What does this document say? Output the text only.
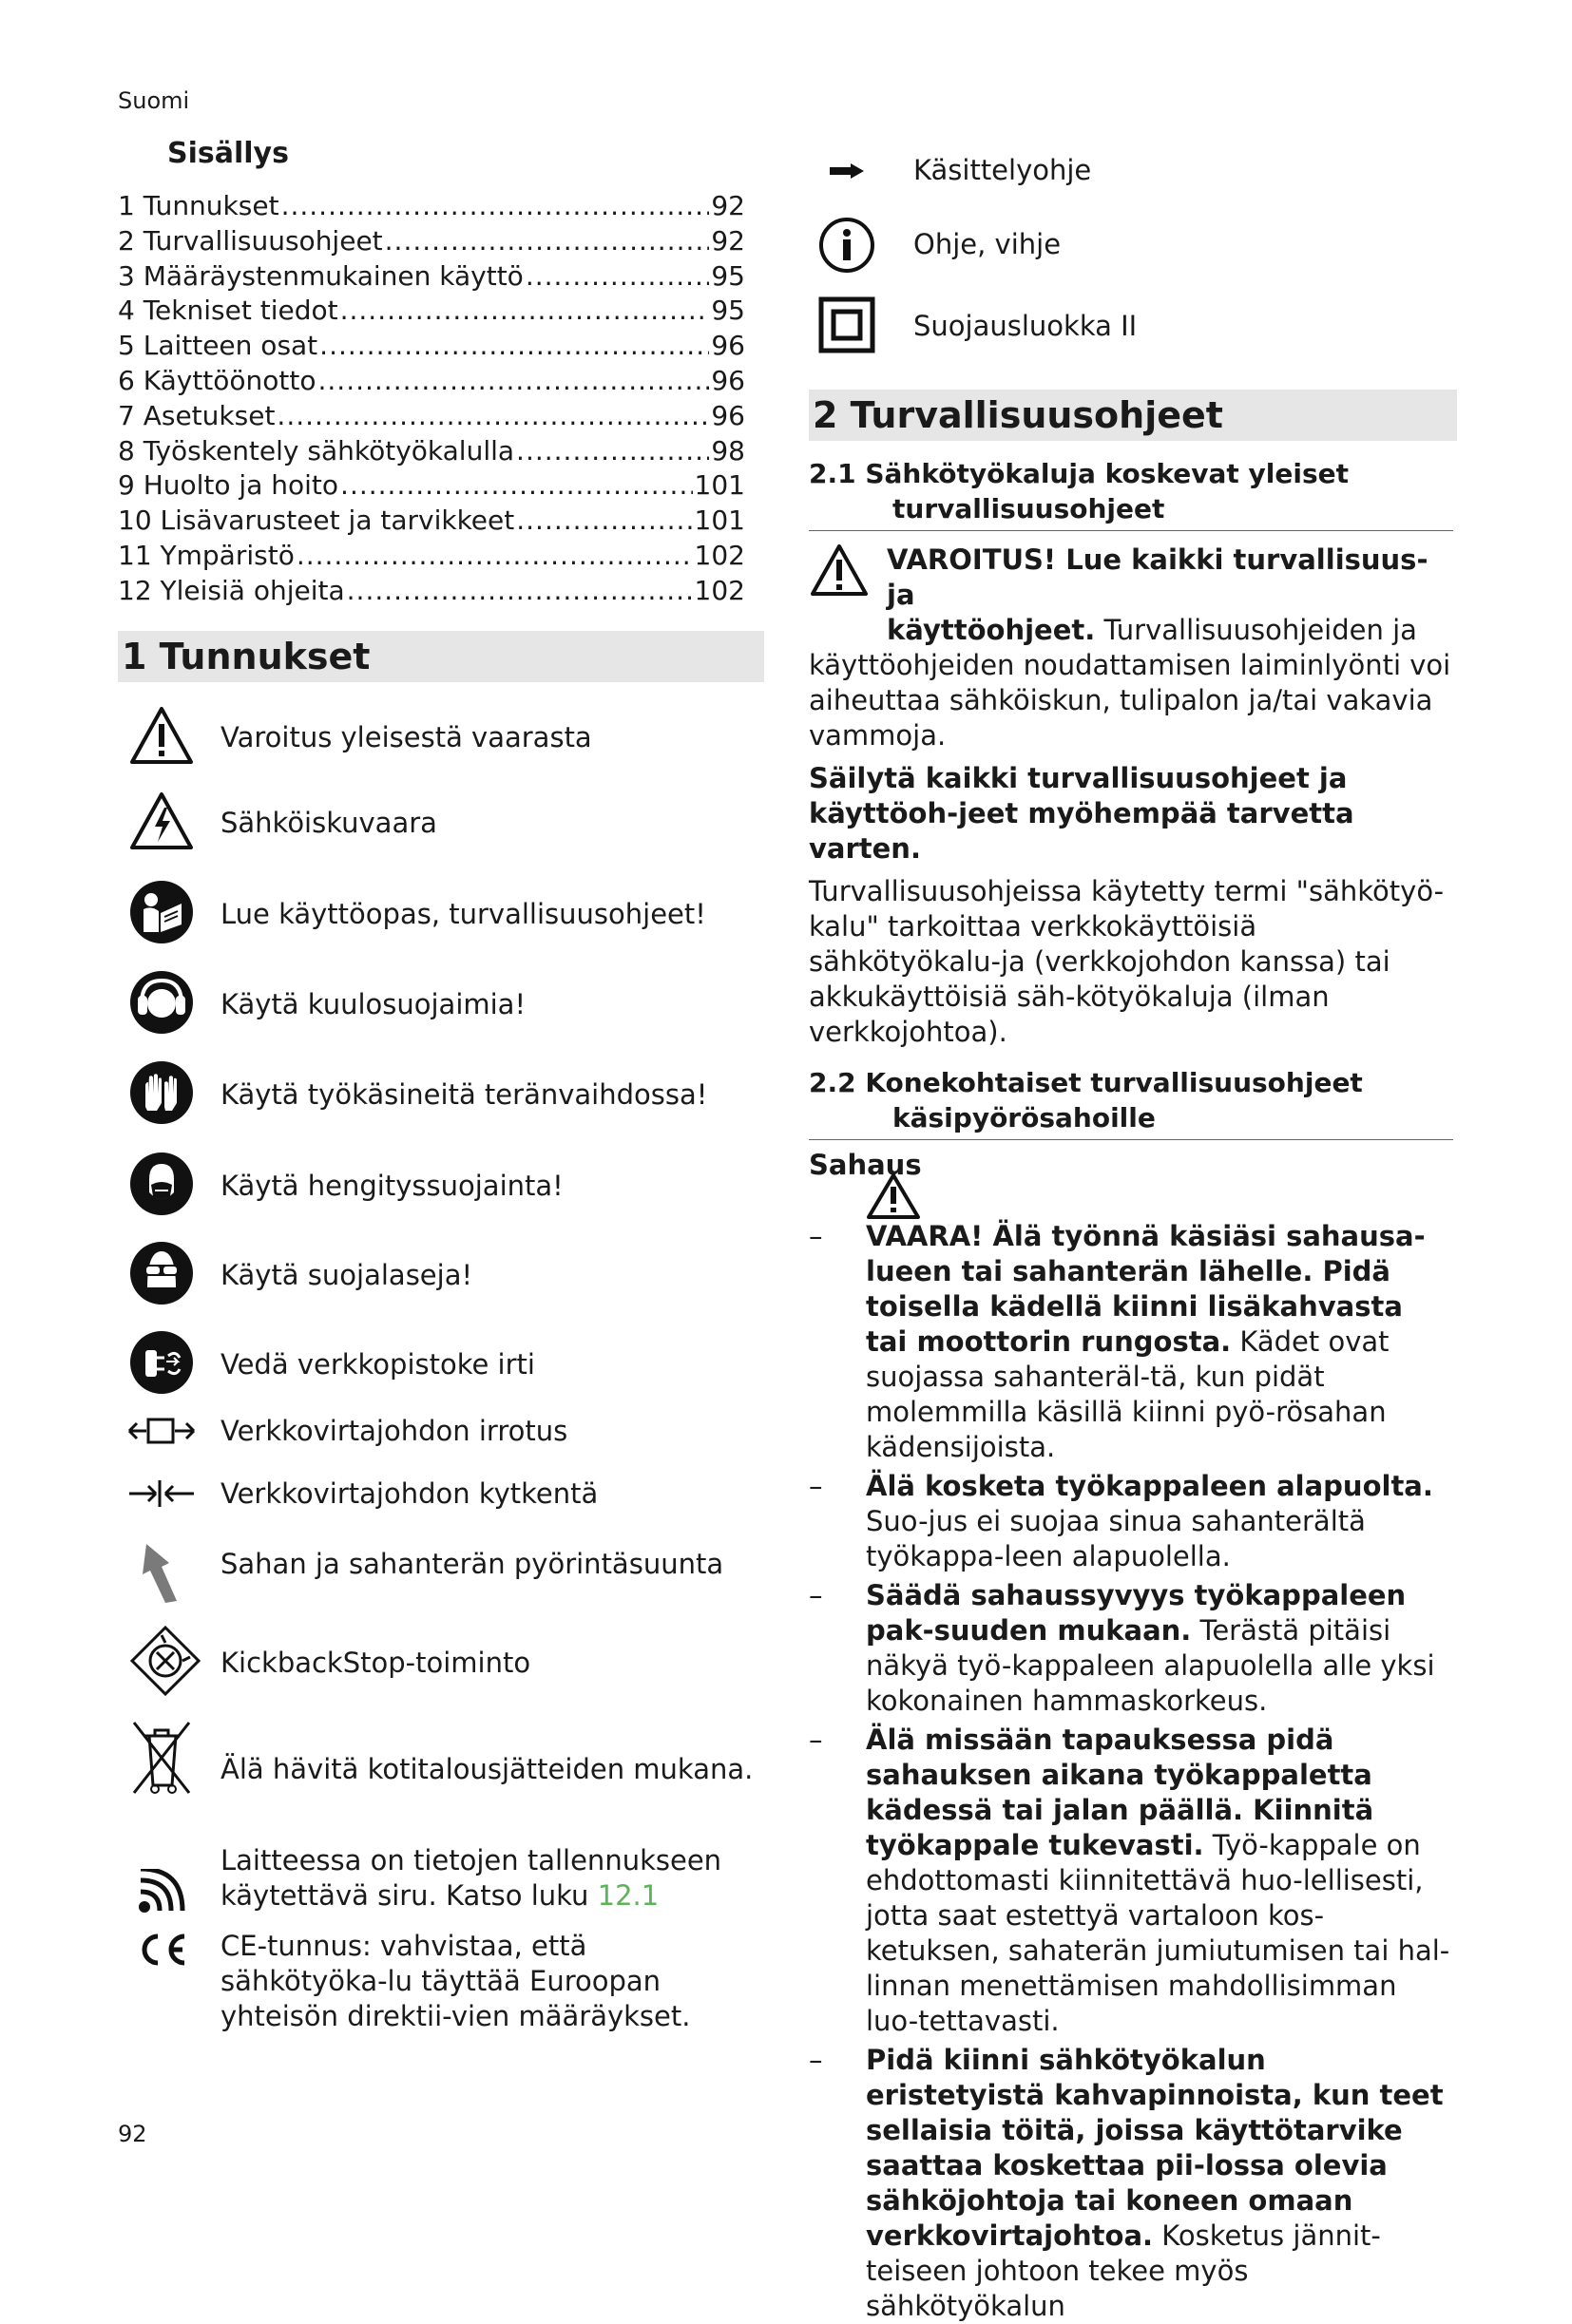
Suomi
Sisällys
1 Tunnukset .....	92
2 Turvallisuusohjeet .....	92
3 Määräystenmukainen käyttö .....	95
4 Tekniset tiedot .....	95
5 Laitteen osat .....	96
6 Käyttöönotto .....	96
7 Asetukset .....	96
8 Työskentely sähkötyökalulla .....	98
9 Huolto ja hoito .....	101
10 Lisävarusteet ja tarvikkeet .....	101
11 Ympäristö .....	102
12 Yleisiä ohjeita .....	102
1 Tunnukset
Varoitus yleisestä vaarasta
Sähköiskuvaara
Lue käyttöopas, turvallisuusohjeet!
Käytä kuulosuojaimia!
Käytä työkäsineitä teränvaihdossa!
Käytä hengityssuojainta!
Käytä suojalaseja!
Vedä verkkopistoke irti
Verkkovirtajohdon irrotus
Verkkovirtajohdon kytkentä
Sahan ja sahanterän pyörintäsuunta
KickbackStop-toiminto
Älä hävitä kotitalousjätteiden mukana.
Laitteessa on tietojen tallennukseen käytettävä siru. Katso luku 12.1
CE-tunnus: vahvistaa, että sähkötyöka-lu täyttää Euroopan yhteisön direktii-vien määräykset.
Käsittelyohje
Ohje, vihje
Suojausluokka II
2 Turvallisuusohjeet
2.1 Sähkötyökaluja koskevat yleiset
turvallisuusohjeet
VAROITUS! Lue kaikki turvallisuus- ja
käyttöohjeet. Turvallisuusohjeiden ja käyttöohjeiden noudattamisen laiminlyönti voi aiheuttaa sähköiskun, tulipalon ja/tai vakavia vammoja.

Säilytä kaikki turvallisuusohjeet ja käyttöoh-jeet myöhempää tarvetta varten.

Turvallisuusohjeissa käytetty termi "sähkötyö-kalu" tarkoittaa verkkokäyttöisiä sähkötyökalu-ja (verkkojohdon kanssa) tai akkukäyttöisiä säh-kötyökaluja (ilman verkkojohtoa).

2.2 Konekohtaiset turvallisuusohjeet
käsipyörösahoille

Sahaus

– VAARA! Älä työnnä käsiäsi sahausa-lueen tai sahanterän lähelle. Pidä toisella kädellä kiinni lisäkahvasta tai moottorin rungosta. Kädet ovat suojassa sahanteräl-tä, kun pidät molemmilla käsillä kiinni pyö-rösahan kädensijoista.
– Älä kosketa työkappaleen alapuolta. Suo-jus ei suojaa sinua sahanterältä työkappa-leen alapuolella.
– Säädä sahaussyvyys työkappaleen pak-suuden mukaan. Terästä pitäisi näkyä työ-kappaleen alapuolella alle yksi kokonainen hammaskorkeus.
– Älä missään tapauksessa pidä sahauksen aikana työkappaletta kädessä tai jalan päällä. Kiinnitä työkappale tukevasti. Työ-kappale on ehdottomasti kiinnitettävä huo-lellisesti, jotta saat estettyä vartaloon kos-ketuksen, sahaterän jumiutumisen tai hal-linnan menettämisen mahdollisimman luo-tettavasti.
– Pidä kiinni sähkötyökalun eristetyistä kahvapinnoista, kun teet sellaisia töitä, joissa käyttötarvike saattaa koskettaa pii-lossa olevia sähköjohtoja tai koneen omaan verkkovirtajohtoa. Kosketus jännit-teiseen johtoon tekee myös sähkötyökalun
92
